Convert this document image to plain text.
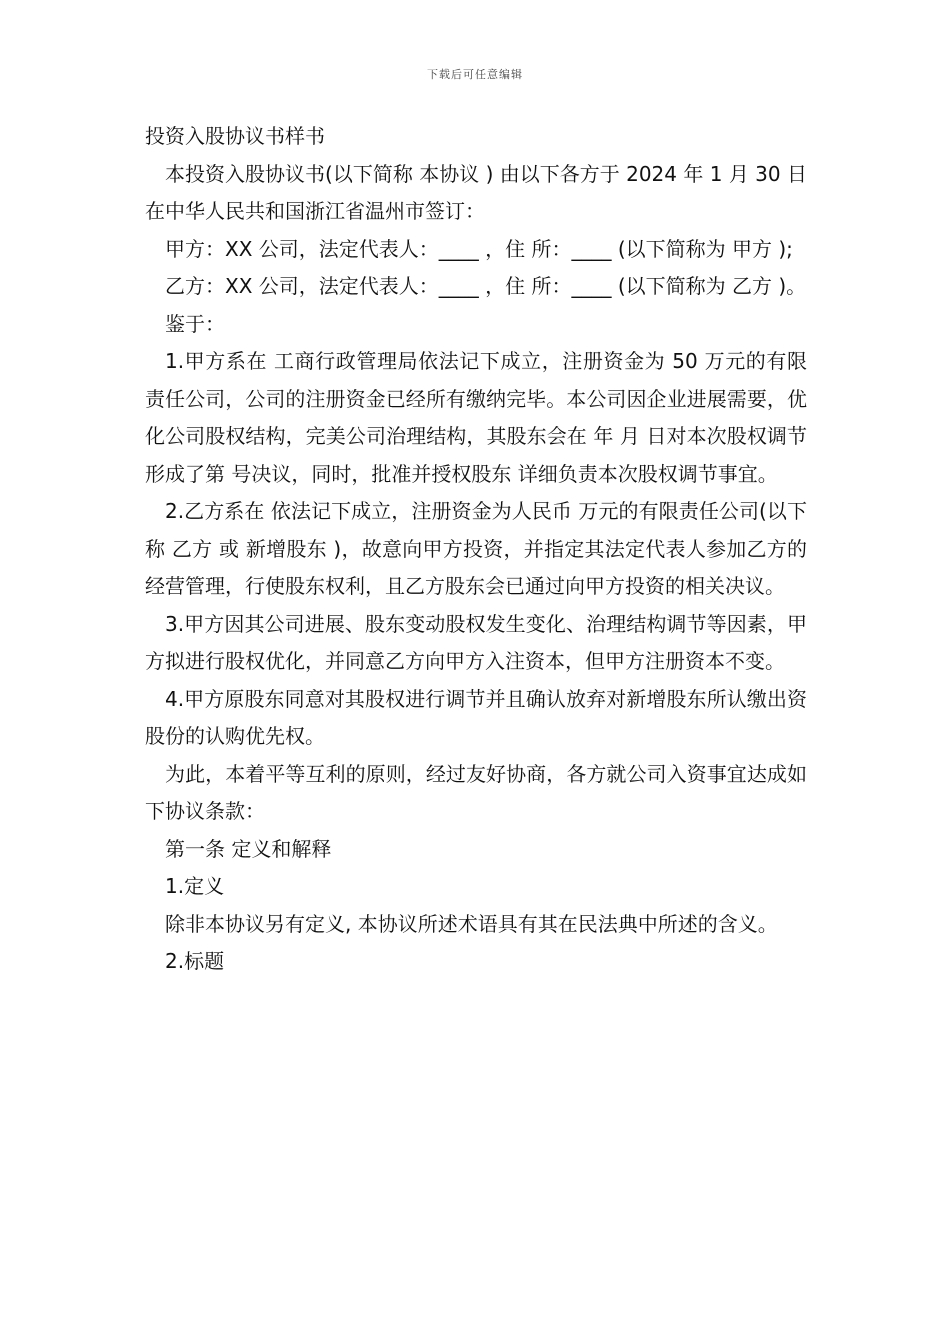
下载后可任意编辑

投资入股协议书样书

本投资入股协议书(以下简称 本协议 ) 由以下各方于 2024 年 1 月 30 日在中华人民共和国浙江省温州市签订：

甲方：XX 公司，法定代表人：____ ，住 所：____ (以下简称为 甲方 );

乙方：XX 公司，法定代表人：____ ，住 所：____ (以下简称为 乙方 )。

鉴于：

1.甲方系在 工商行政管理局依法记下成立，注册资金为 50 万元的有限责任公司，公司的注册资金已经所有缴纳完毕。本公司因企业进展需要，优化公司股权结构，完美公司治理结构，其股东会在 年 月 日对本次股权调节形成了第 号决议，同时，批准并授权股东 详细负责本次股权调节事宜。

2.乙方系在 依法记下成立，注册资金为人民币 万元的有限责任公司(以下称 乙方 或 新增股东 )，故意向甲方投资，并指定其法定代表人参加乙方的经营管理，行使股东权利，且乙方股东会已通过向甲方投资的相关决议。

3.甲方因其公司进展、股东变动股权发生变化、治理结构调节等因素，甲方拟进行股权优化，并同意乙方向甲方入注资本，但甲方注册资本不变。

4.甲方原股东同意对其股权进行调节并且确认放弃对新增股东所认缴出资股份的认购优先权。

为此，本着平等互利的原则，经过友好协商，各方就公司入资事宜达成如下协议条款：

第一条 定义和解释

1.定义

除非本协议另有定义, 本协议所述术语具有其在民法典中所述的含义。

2.标题
